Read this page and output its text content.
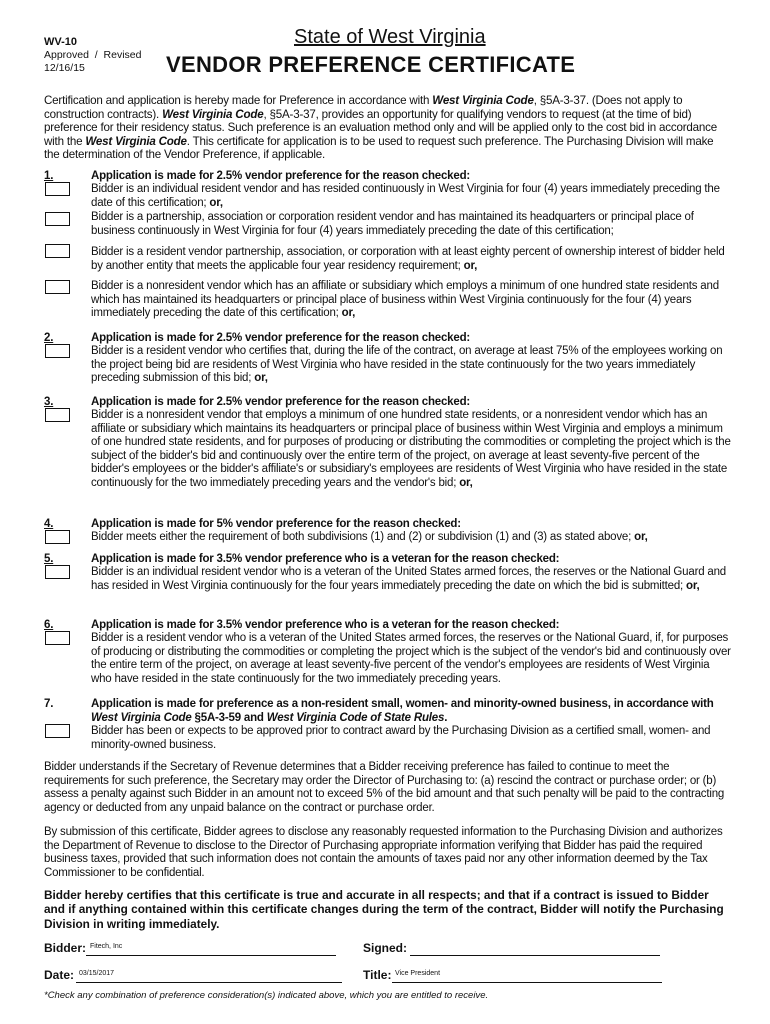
WV-10
Approved  /  Revised
12/16/15
State of West Virginia
VENDOR PREFERENCE CERTIFICATE
Certification and application is hereby made for Preference in accordance with West Virginia Code, §5A-3-37. (Does not apply to construction contracts). West Virginia Code, §5A-3-37, provides an opportunity for qualifying vendors to request (at the time of bid) preference for their residency status. Such preference is an evaluation method only and will be applied only to the cost bid in accordance with the West Virginia Code. This certificate for application is to be used to request such preference. The Purchasing Division will make the determination of the Vendor Preference, if applicable.
1.	Application is made for 2.5% vendor preference for the reason checked:
Bidder is an individual resident vendor and has resided continuously in West Virginia for four (4) years immediately preceding the date of this certification; or,
Bidder is a partnership, association or corporation resident vendor and has maintained its headquarters or principal place of business continuously in West Virginia for four (4) years immediately preceding the date of this certification;
Bidder is a resident vendor partnership, association, or corporation with at least eighty percent of ownership interest of bidder held by another entity that meets the applicable four year residency requirement; or,
Bidder is a nonresident vendor which has an affiliate or subsidiary which employs a minimum of one hundred state residents and which has maintained its headquarters or principal place of business within West Virginia continuously for the four (4) years immediately preceding the date of this certification; or,
2.	Application is made for 2.5% vendor preference for the reason checked:
Bidder is a resident vendor who certifies that, during the life of the contract, on average at least 75% of the employees working on the project being bid are residents of West Virginia who have resided in the state continuously for the two years immediately preceding submission of this bid; or,
3.	Application is made for 2.5% vendor preference for the reason checked:
Bidder is a nonresident vendor that employs a minimum of one hundred state residents, or a nonresident vendor which has an affiliate or subsidiary which maintains its headquarters or principal place of business within West Virginia and employs a minimum of one hundred state residents, and for purposes of producing or distributing the commodities or completing the project which is the subject of the bidder's bid and continuously over the entire term of the project, on average at least seventy-five percent of the bidder's employees or the bidder's affiliate's or subsidiary's employees are residents of West Virginia who have resided in the state continuously for the two immediately preceding years and the vendor's bid; or,
4.	Application is made for 5% vendor preference for the reason checked:
Bidder meets either the requirement of both subdivisions (1) and (2) or subdivision (1) and (3) as stated above; or,
5.	Application is made for 3.5% vendor preference who is a veteran for the reason checked:
Bidder is an individual resident vendor who is a veteran of the United States armed forces, the reserves or the National Guard and has resided in West Virginia continuously for the four years immediately preceding the date on which the bid is submitted; or,
6.	Application is made for 3.5% vendor preference who is a veteran for the reason checked:
Bidder is a resident vendor who is a veteran of the United States armed forces, the reserves or the National Guard, if, for purposes of producing or distributing the commodities or completing the project which is the subject of the vendor's bid and continuously over the entire term of the project, on average at least seventy-five percent of the vendor's employees are residents of West Virginia who have resided in the state continuously for the two immediately preceding years.
7.	Application is made for preference as a non-resident small, women- and minority-owned business, in accordance with West Virginia Code §5A-3-59 and West Virginia Code of State Rules.
Bidder has been or expects to be approved prior to contract award by the Purchasing Division as a certified small, women- and minority-owned business.
Bidder understands if the Secretary of Revenue determines that a Bidder receiving preference has failed to continue to meet the requirements for such preference, the Secretary may order the Director of Purchasing to: (a) rescind the contract or purchase order; or (b) assess a penalty against such Bidder in an amount not to exceed 5% of the bid amount and that such penalty will be paid to the contracting agency or deducted from any unpaid balance on the contract or purchase order.
By submission of this certificate, Bidder agrees to disclose any reasonably requested information to the Purchasing Division and authorizes the Department of Revenue to disclose to the Director of Purchasing appropriate information verifying that Bidder has paid the required business taxes, provided that such information does not contain the amounts of taxes paid nor any other information deemed by the Tax Commissioner to be confidential.
Bidder hereby certifies that this certificate is true and accurate in all respects; and that if a contract is issued to Bidder and if anything contained within this certificate changes during the term of the contract, Bidder will notify the Purchasing Division in writing immediately.
Bidder: Fitech, Inc	Signed:
Date: 03/15/2017	Title: Vice President
*Check any combination of preference consideration(s) indicated above, which you are entitled to receive.
